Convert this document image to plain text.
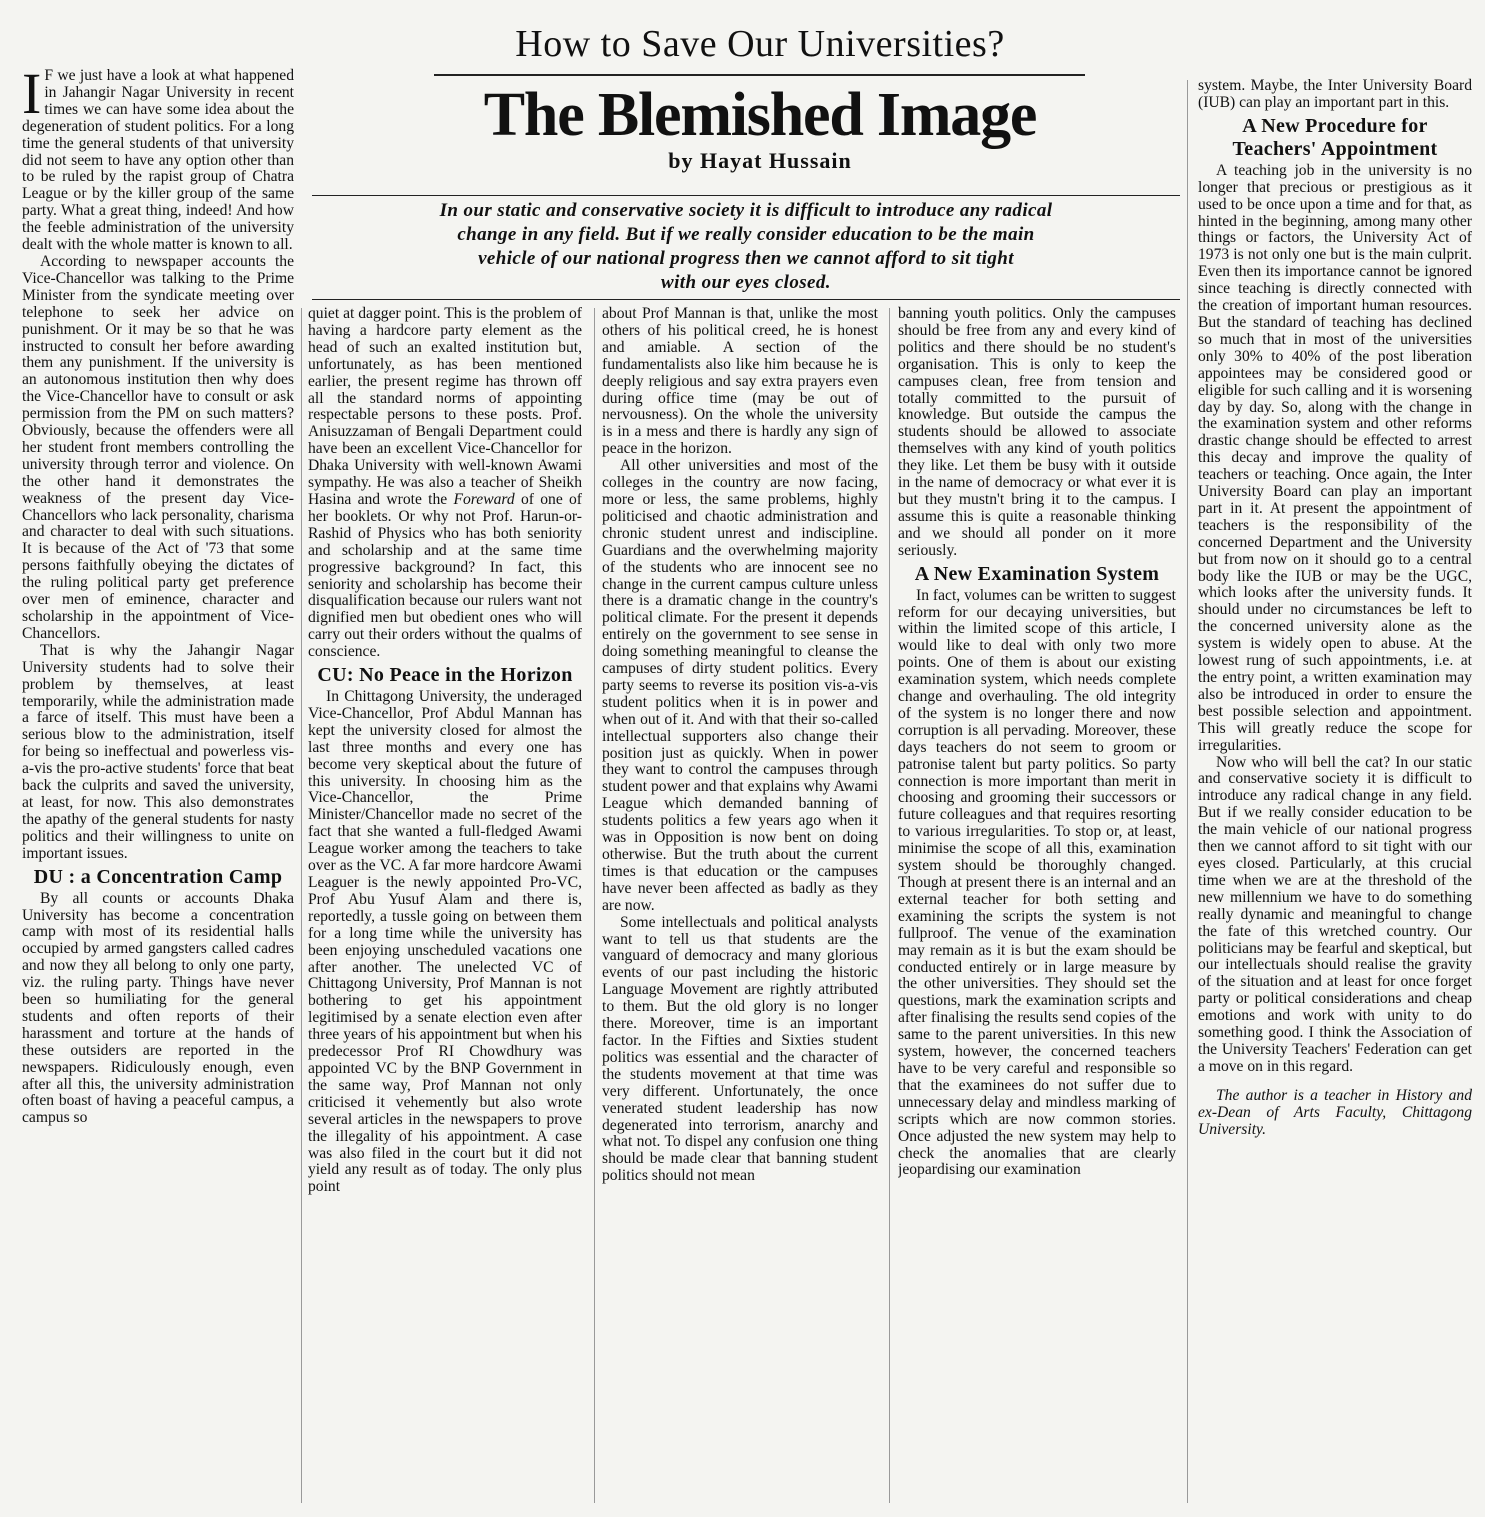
How to Save Our Universities?
The Blemished Image
by Hayat Hussain
In our static and conservative society it is difficult to introduce any radical
change in any field. But if we really consider education to be the main
vehicle of our national progress then we cannot afford to sit tight
with our eyes closed.

I F we just have a look at what happened in Jahangir Nagar University in recent times we can have some idea about the degeneration of student politics. For a long time the general students of that university did not seem to have any option other than to be ruled by the rapist group of Chatra League or by the killer group of the same party. What a great thing, indeed! And how the feeble administration of the university dealt with the whole matter is known to all.

According to newspaper accounts the Vice-Chancellor was talking to the Prime Minister from the syndicate meeting over telephone to seek her advice on punishment. Or it may be so that he was instructed to consult her before awarding them any punishment. If the university is an autonomous institution then why does the Vice-Chancellor have to consult or ask permission from the PM on such matters? Obviously, because the offenders were all her student front members controlling the university through terror and violence. On the other hand it demonstrates the weakness of the present day Vice-Chancellors who lack personality, charisma and character to deal with such situations. It is because of the Act of '73 that some persons faithfully obeying the dictates of the ruling political party get preference over men of eminence, character and scholarship in the appointment of Vice-Chancellors.

That is why the Jahangir Nagar University students had to solve their problem by themselves, at least temporarily, while the administration made a farce of itself. This must have been a serious blow to the administration, itself for being so ineffectual and powerless vis-a-vis the pro-active students' force that beat back the culprits and saved the university, at least, for now. This also demonstrates the apathy of the general students for nasty politics and their willingness to unite on important issues.

DU : a Concentration Camp

By all counts or accounts Dhaka University has become a concentration camp with most of its residential halls occupied by armed gangsters called cadres and now they all belong to only one party, viz. the ruling party. Things have never been so humiliating for the general students and often reports of their harassment and torture at the hands of these outsiders are reported in the newspapers. Ridiculously enough, even after all this, the university administration often boast of having a peaceful campus, a campus so

quiet at dagger point. This is the problem of having a hardcore party element as the head of such an exalted institution but, unfortunately, as has been mentioned earlier, the present regime has thrown off all the standard norms of appointing respectable persons to these posts. Prof. Anisuzzaman of Bengali Department could have been an excellent Vice-Chancellor for Dhaka University with well-known Awami sympathy. He was also a teacher of Sheikh Hasina and wrote the Foreward of one of her booklets. Or why not Prof. Harun-or-Rashid of Physics who has both seniority and scholarship and at the same time progressive background? In fact, this seniority and scholarship has become their disqualification because our rulers want not dignified men but obedient ones who will carry out their orders without the qualms of conscience.

CU: No Peace in the Horizon

In Chittagong University, the underaged Vice-Chancellor, Prof Abdul Mannan has kept the university closed for almost the last three months and every one has become very skeptical about the future of this university. In choosing him as the Vice-Chancellor, the Prime Minister/Chancellor made no secret of the fact that she wanted a full-fledged Awami League worker among the teachers to take over as the VC. A far more hardcore Awami Leaguer is the newly appointed Pro-VC, Prof Abu Yusuf Alam and there is, reportedly, a tussle going on between them for a long time while the university has been enjoying unscheduled vacations one after another. The unelected VC of Chittagong University, Prof Mannan is not bothering to get his appointment legitimised by a senate election even after three years of his appointment but when his predecessor Prof RI Chowdhury was appointed VC by the BNP Government in the same way, Prof Mannan not only criticised it vehemently but also wrote several articles in the newspapers to prove the illegality of his appointment. A case was also filed in the court but it did not yield any result as of today. The only plus point

about Prof Mannan is that, unlike the most others of his political creed, he is honest and amiable. A section of the fundamentalists also like him because he is deeply religious and say extra prayers even during office time (may be out of nervousness). On the whole the university is in a mess and there is hardly any sign of peace in the horizon.

All other universities and most of the colleges in the country are now facing, more or less, the same problems, highly politicised and chaotic administration and chronic student unrest and indiscipline. Guardians and the overwhelming majority of the students who are innocent see no change in the current campus culture unless there is a dramatic change in the country's political climate. For the present it depends entirely on the government to see sense in doing something meaningful to cleanse the campuses of dirty student politics. Every party seems to reverse its position vis-a-vis student politics when it is in power and when out of it. And with that their so-called intellectual supporters also change their position just as quickly. When in power they want to control the campuses through student power and that explains why Awami League which demanded banning of students politics a few years ago when it was in Opposition is now bent on doing otherwise. But the truth about the current times is that education or the campuses have never been affected as badly as they are now.

Some intellectuals and political analysts want to tell us that students are the vanguard of democracy and many glorious events of our past including the historic Language Movement are rightly attributed to them. But the old glory is no longer there. Moreover, time is an important factor. In the Fifties and Sixties student politics was essential and the character of the students movement at that time was very different. Unfortunately, the once venerated student leadership has now degenerated into terrorism, anarchy and what not. To dispel any confusion one thing should be made clear that banning student politics should not mean

banning youth politics. Only the campuses should be free from any and every kind of politics and there should be no student's organisation. This is only to keep the campuses clean, free from tension and totally committed to the pursuit of knowledge. But outside the campus the students should be allowed to associate themselves with any kind of youth politics they like. Let them be busy with it outside in the name of democracy or what ever it is but they mustn't bring it to the campus. I assume this is quite a reasonable thinking and we should all ponder on it more seriously.

A New Examination System

In fact, volumes can be written to suggest reform for our decaying universities, but within the limited scope of this article, I would like to deal with only two more points. One of them is about our existing examination system, which needs complete change and overhauling. The old integrity of the system is no longer there and now corruption is all pervading. Moreover, these days teachers do not seem to groom or patronise talent but party politics. So party connection is more important than merit in choosing and grooming their successors or future colleagues and that requires resorting to various irregularities. To stop or, at least, minimise the scope of all this, examination system should be thoroughly changed. Though at present there is an internal and an external teacher for both setting and examining the scripts the system is not fullproof. The venue of the examination may remain as it is but the exam should be conducted entirely or in large measure by the other universities. They should set the questions, mark the examination scripts and after finalising the results send copies of the same to the parent universities. In this new system, however, the concerned teachers have to be very careful and responsible so that the examinees do not suffer due to unnecessary delay and mindless marking of scripts which are now common stories. Once adjusted the new system may help to check the anomalies that are clearly jeopardising our examination

system. Maybe, the Inter University Board (IUB) can play an important part in this.

A New Procedure for Teachers' Appointment

A teaching job in the university is no longer that precious or prestigious as it used to be once upon a time and for that, as hinted in the beginning, among many other things or factors, the University Act of 1973 is not only one but is the main culprit. Even then its importance cannot be ignored since teaching is directly connected with the creation of important human resources. But the standard of teaching has declined so much that in most of the universities only 30% to 40% of the post liberation appointees may be considered good or eligible for such calling and it is worsening day by day. So, along with the change in the examination system and other reforms drastic change should be effected to arrest this decay and improve the quality of teachers or teaching. Once again, the Inter University Board can play an important part in it. At present the appointment of teachers is the responsibility of the concerned Department and the University but from now on it should go to a central body like the IUB or may be the UGC, which looks after the university funds. It should under no circumstances be left to the concerned university alone as the system is widely open to abuse. At the lowest rung of such appointments, i.e. at the entry point, a written examination may also be introduced in order to ensure the best possible selection and appointment. This will greatly reduce the scope for irregularities.

Now who will bell the cat? In our static and conservative society it is difficult to introduce any radical change in any field. But if we really consider education to be the main vehicle of our national progress then we cannot afford to sit tight with our eyes closed. Particularly, at this crucial time when we are at the threshold of the new millennium we have to do something really dynamic and meaningful to change the fate of this wretched country. Our politicians may be fearful and skeptical, but our intellectuals should realise the gravity of the situation and at least for once forget party or political considerations and cheap emotions and work with unity to do something good. I think the Association of the University Teachers' Federation can get a move on in this regard.

The author is a teacher in History and ex-Dean of Arts Faculty, Chittagong University.
